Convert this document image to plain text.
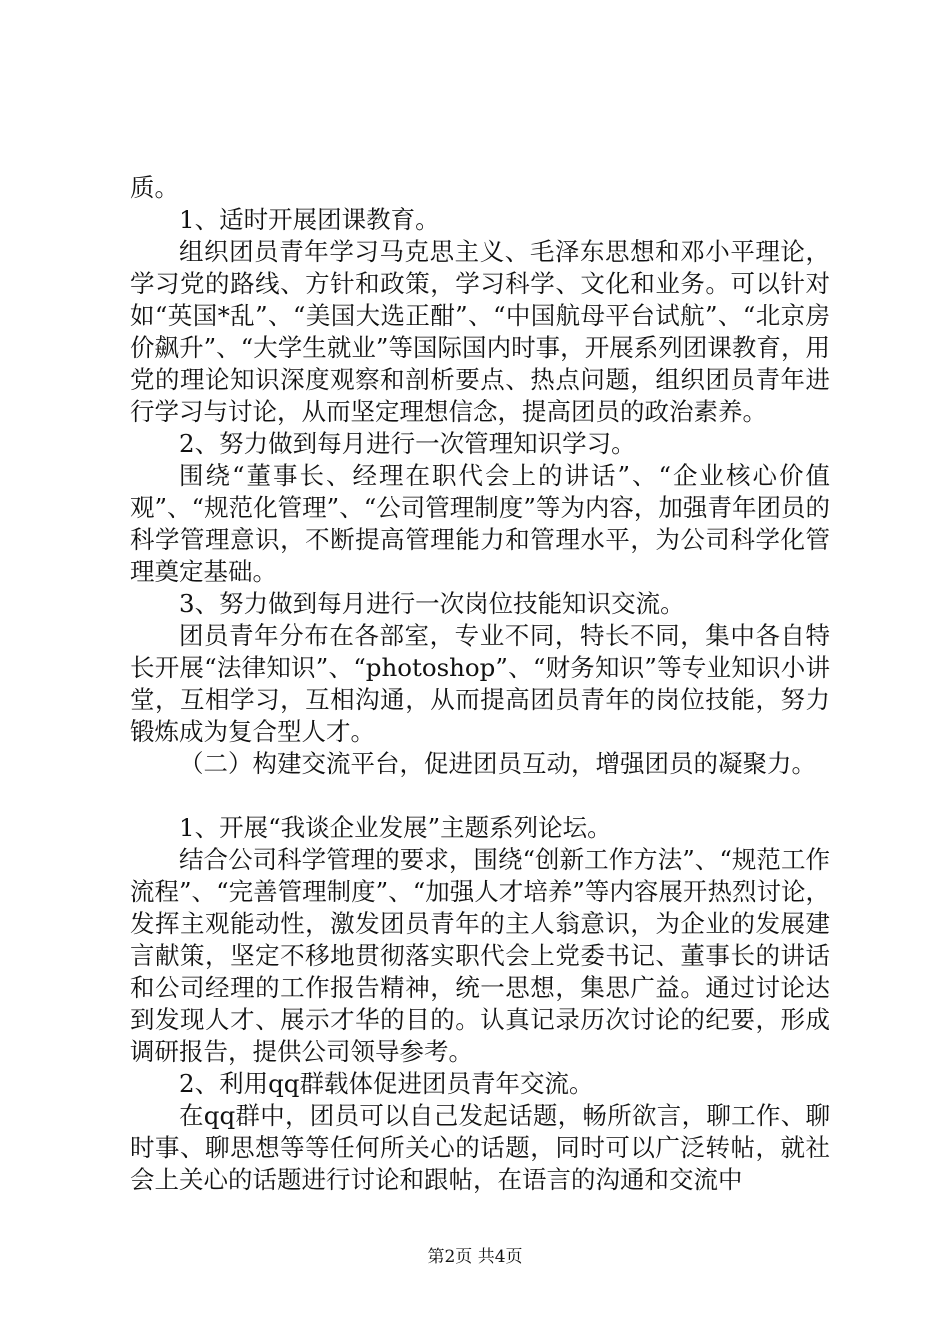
质。

1、适时开展团课教育。

组织团员青年学习马克思主义、毛泽东思想和邓小平理论，学习党的路线、方针和政策，学习科学、文化和业务。可以针对如“英国*乱”、“美国大选正酣”、“中国航母平台试航”、“北京房价飙升”、“大学生就业”等国际国内时事，开展系列团课教育，用党的理论知识深度观察和剖析要点、热点问题，组织团员青年进行学习与讨论，从而坚定理想信念，提高团员的政治素养。

2、努力做到每月进行一次管理知识学习。

围绕“董事长、经理在职代会上的讲话”、“企业核心价值观”、“规范化管理”、“公司管理制度”等为内容，加强青年团员的科学管理意识，不断提高管理能力和管理水平，为公司科学化管理奠定基础。

3、努力做到每月进行一次岗位技能知识交流。

团员青年分布在各部室，专业不同，特长不同，集中各自特长开展“法律知识”、“photoshop”、“财务知识”等专业知识小讲堂，互相学习，互相沟通，从而提高团员青年的岗位技能，努力锻炼成为复合型人才。

（二）构建交流平台，促进团员互动，增强团员的凝聚力。

1、开展“我谈企业发展”主题系列论坛。

结合公司科学管理的要求，围绕“创新工作方法”、“规范工作流程”、“完善管理制度”、“加强人才培养”等内容展开热烈讨论，发挥主观能动性，激发团员青年的主人翁意识，为企业的发展建言献策，坚定不移地贯彻落实职代会上党委书记、董事长的讲话和公司经理的工作报告精神，统一思想，集思广益。通过讨论达到发现人才、展示才华的目的。认真记录历次讨论的纪要，形成调研报告，提供公司领导参考。

2、利用qq群载体促进团员青年交流。

在qq群中，团员可以自己发起话题，畅所欲言，聊工作、聊时事、聊思想等等任何所关心的话题，同时可以广泛转帖，就社会上关心的话题进行讨论和跟帖，在语言的沟通和交流中

第2页 共4页
